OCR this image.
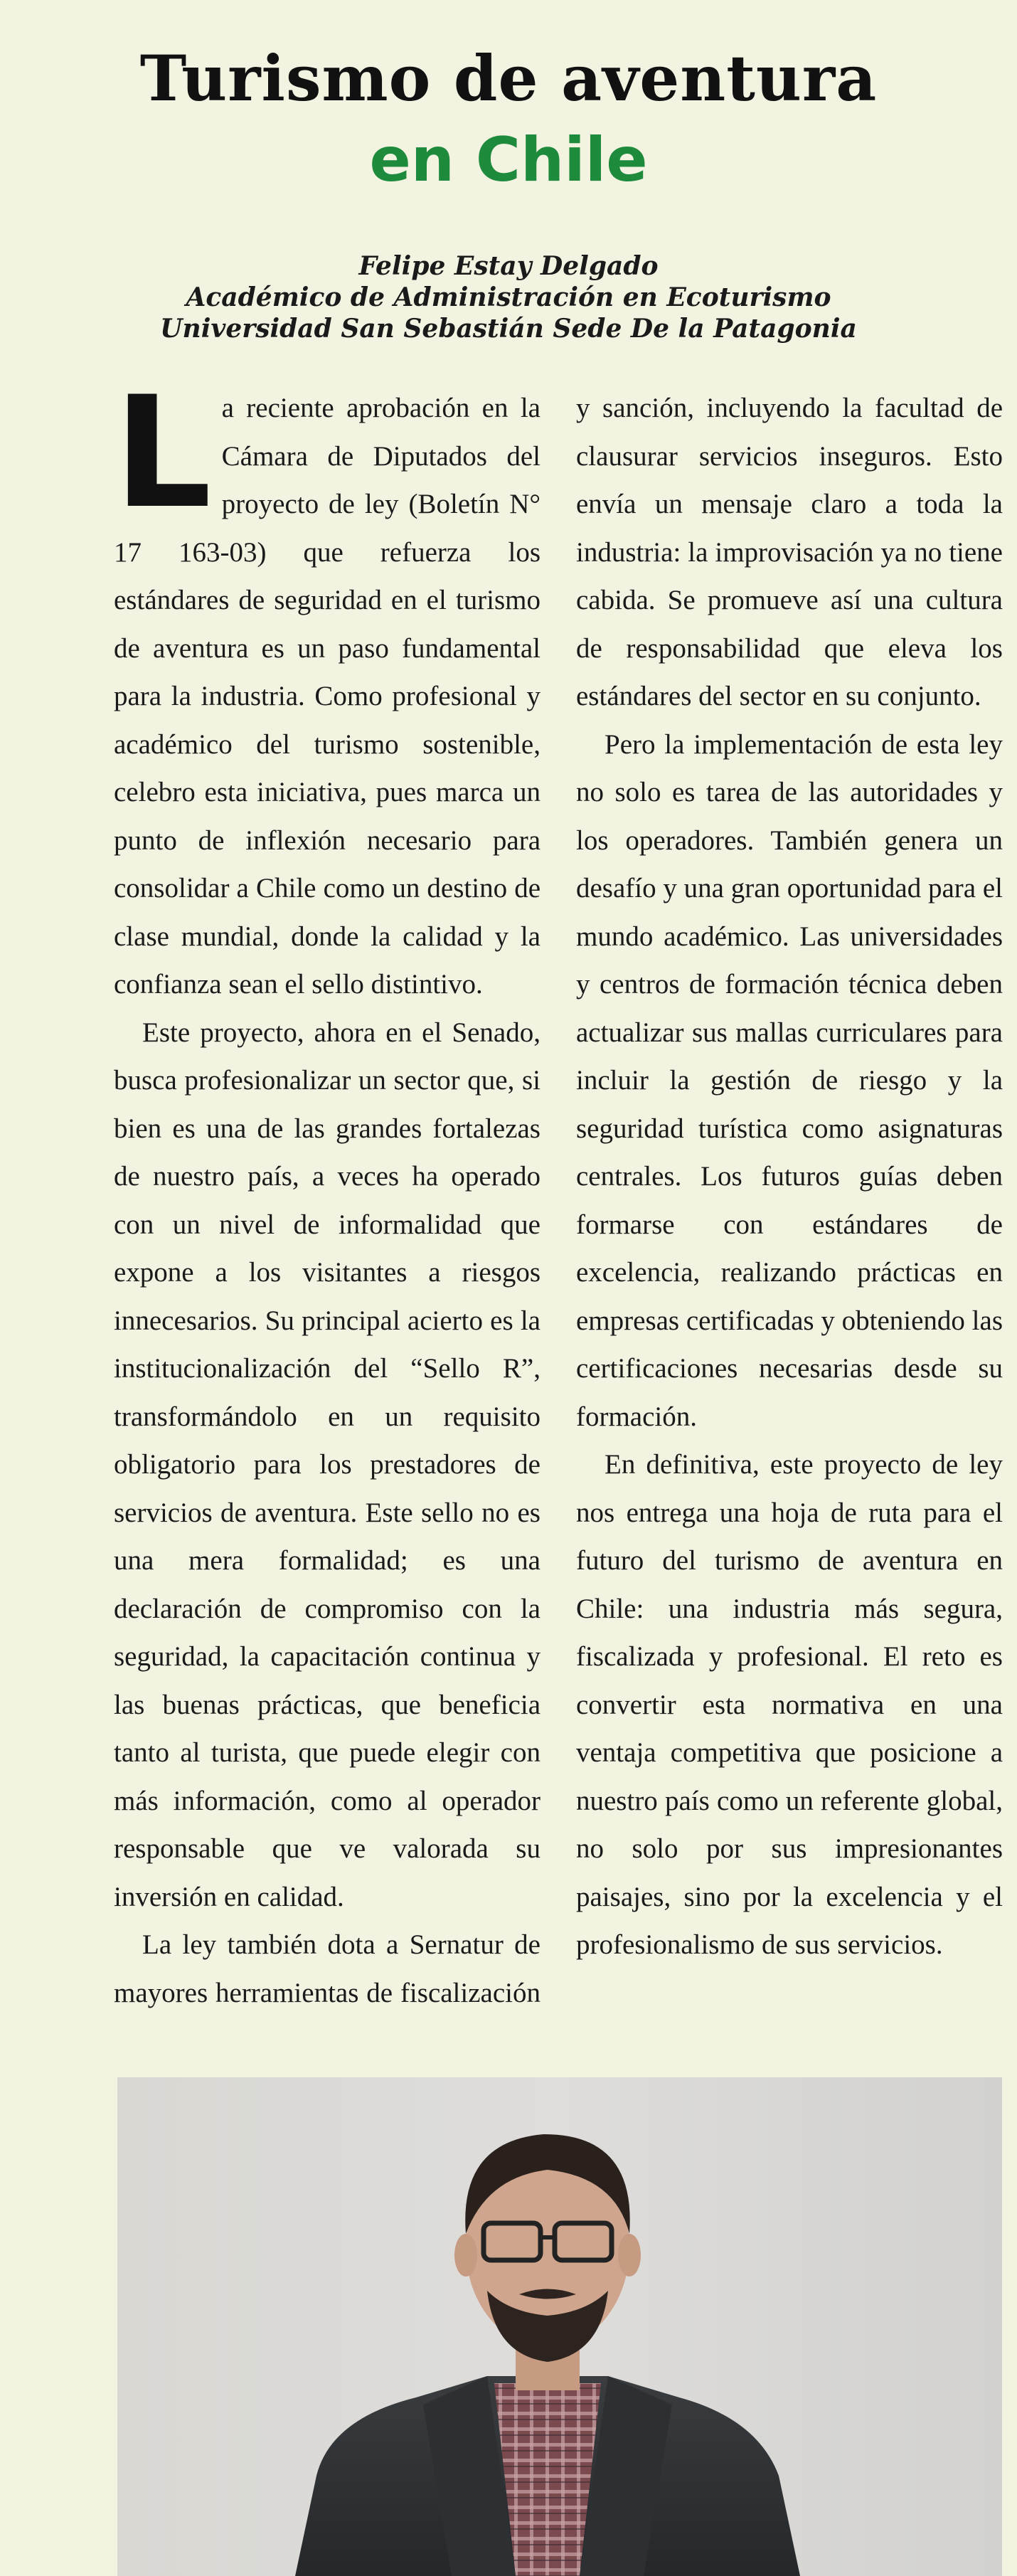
Turismo de aventura
en Chile
Felipe Estay Delgado
Académico de Administración en Ecoturismo
Universidad San Sebastián Sede De la Patagonia

La reciente aprobación en la Cámara de Diputados del proyecto de ley (Boletín N° 17 163-03) que refuerza los estándares de seguridad en el turismo de aventura es un paso fundamental para la industria. Como profesional y académico del turismo sostenible, celebro esta iniciativa, pues marca un punto de inflexión necesario para consolidar a Chile como un destino de clase mundial, donde la calidad y la confianza sean el sello distintivo.

Este proyecto, ahora en el Senado, busca profesionalizar un sector que, si bien es una de las grandes fortalezas de nuestro país, a veces ha operado con un nivel de informalidad que expone a los visitantes a riesgos innecesarios. Su principal acierto es la institucionalización del “Sello R”, transformándolo en un requisito obligatorio para los prestadores de servicios de aventura. Este sello no es una mera formalidad; es una declaración de compromiso con la seguridad, la capacitación continua y las buenas prácticas, que beneficia tanto al turista, que puede elegir con más información, como al operador responsable que ve valorada su inversión en calidad.

La ley también dota a Sernatur de mayores herramientas de fiscalización y sanción, incluyendo la facultad de clausurar servicios inseguros. Esto envía un mensaje claro a toda la industria: la improvisación ya no tiene cabida. Se promueve así una cultura de responsabilidad que eleva los estándares del sector en su conjunto.

Pero la implementación de esta ley no solo es tarea de las autoridades y los operadores. También genera un desafío y una gran oportunidad para el mundo académico. Las universidades y centros de formación técnica deben actualizar sus mallas curriculares para incluir la gestión de riesgo y la seguridad turística como asignaturas centrales. Los futuros guías deben formarse con estándares de excelencia, realizando prácticas en empresas certificadas y obteniendo las certificaciones necesarias desde su formación.

En definitiva, este proyecto de ley nos entrega una hoja de ruta para el futuro del turismo de aventura en Chile: una industria más segura, fiscalizada y profesional. El reto es convertir esta normativa en una ventaja competitiva que posicione a nuestro país como un referente global, no solo por sus impresionantes paisajes, sino por la excelencia y el profesionalismo de sus servicios.
